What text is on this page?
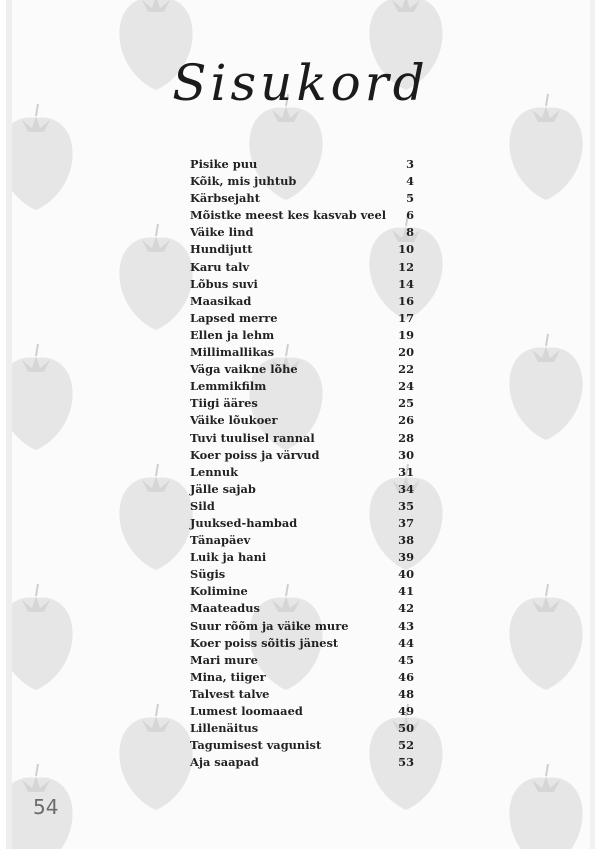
Sisukord
Pisike puu	3
Kõik, mis juhtub	4
Kärbsejaht	5
Mõistke meest kes kasvab veel 6
Väike lind	8
Hundijutt	10
Karu talv	12
Lõbus suvi	14
Maasikad	16
Lapsed merre	17
Ellen ja lehm	19
Millimallikas	20
Väga vaikne lõhe	22
Lemmikfilm	24
Tiigi ääres	25
Väike lõukoer	26
Tuvi tuulisel rannal	28
Koer poiss ja värvud	30
Lennuk	31
Jälle sajab	34
Sild	35
Juuksed-hambad	37
Tänapäev	38
Luik ja hani	39
Sügis	40
Kolimine	41
Maateadus	42
Suur rõõm ja väike mure	43
Koer poiss sõitis jänest	44
Mari mure	45
Mina, tiiger	46
Talvest talve	48
Lumest loomaaed	49
Lillenäitus	50
Tagumisest vagunist	52
Aja saapad	53
54
